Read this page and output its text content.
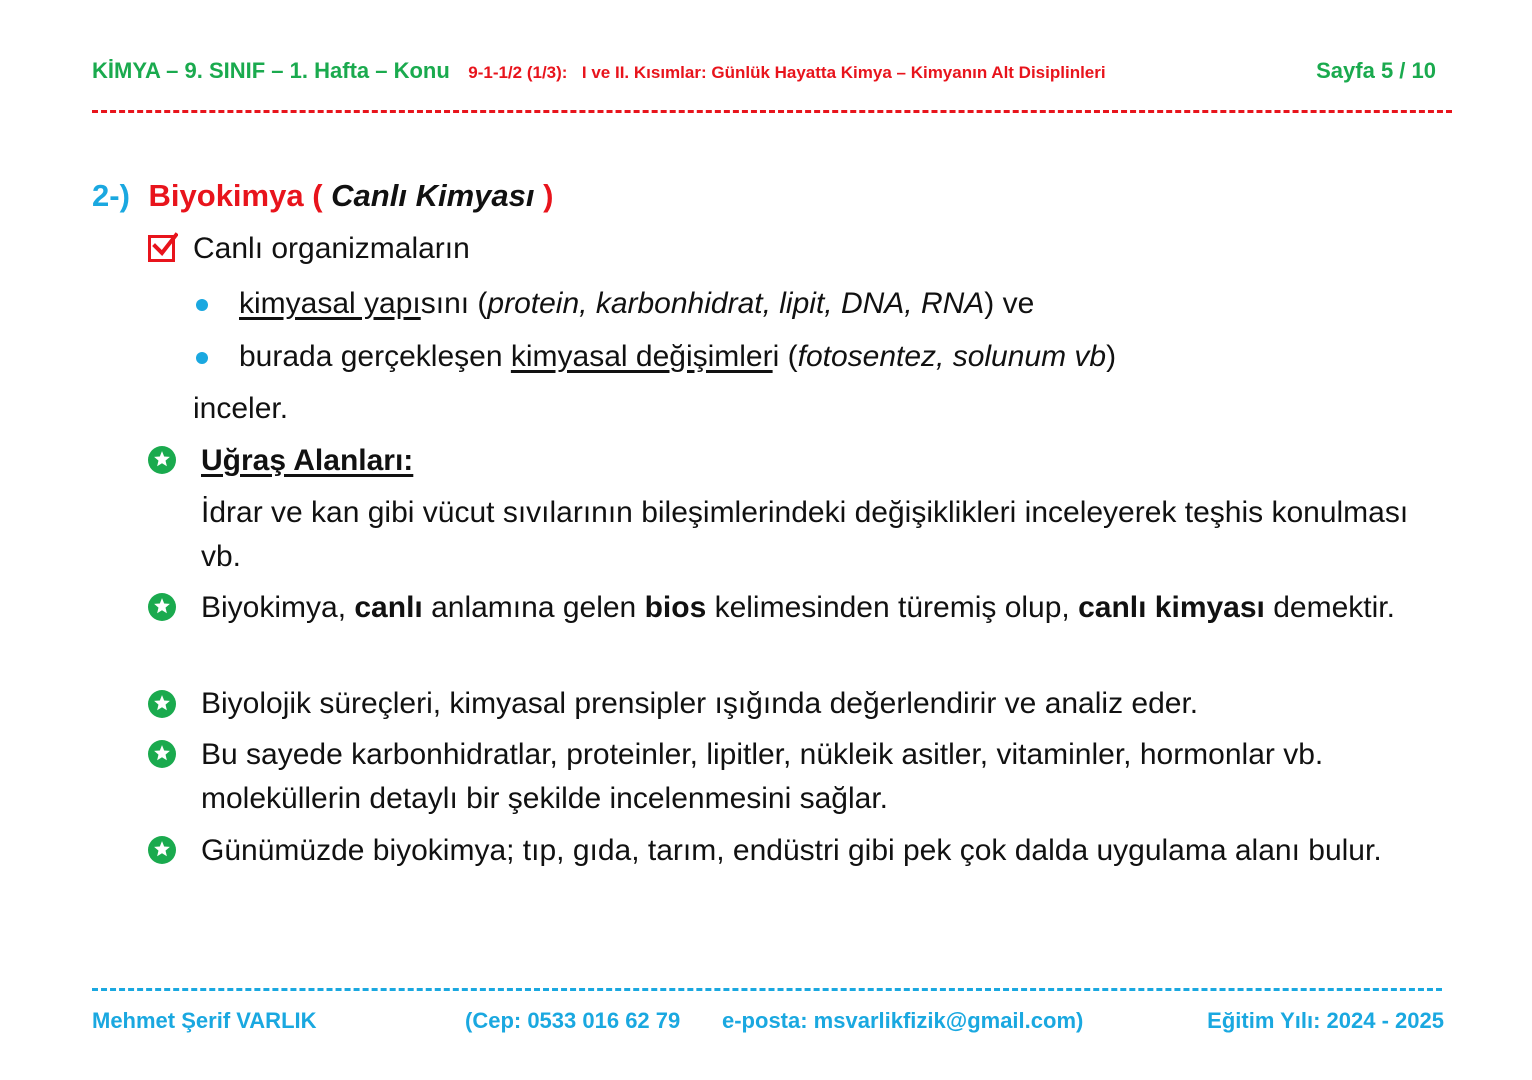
KİMYA – 9. SINIF – 1. Hafta – Konu 9-1-1/2 (1/3): I ve II. Kısımlar: Günlük Hayatta Kimya – Kimyanın Alt Disiplinleri	Sayfa 5 / 10
2-) Biyokimya ( Canlı Kimyası )
Canlı organizmaların
kimyasal yapısını (protein, karbonhidrat, lipit, DNA, RNA) ve
burada gerçekleşen kimyasal değişimleri (fotosentez, solunum vb)
inceler.
Uğraş Alanları:
İdrar ve kan gibi vücut sıvılarının bileşimlerindeki değişiklikleri inceleyerek teşhis konulması vb.
Biyokimya, canlı anlamına gelen bios kelimesinden türemiş olup, canlı kimyası demektir.
Biyolojik süreçleri, kimyasal prensipler ışığında değerlendirir ve analiz eder.
Bu sayede karbonhidratlar, proteinler, lipitler, nükleik asitler, vitaminler, hormonlar vb. moleküllerin detaylı bir şekilde incelenmesini sağlar.
Günümüzde biyokimya; tıp, gıda, tarım, endüstri gibi pek çok dalda uygulama alanı bulur.
Mehmet Şerif VARLIK	(Cep: 0533 016 62 79 e-posta: msvarlikfizik@gmail.com)	Eğitim Yılı: 2024 - 2025
